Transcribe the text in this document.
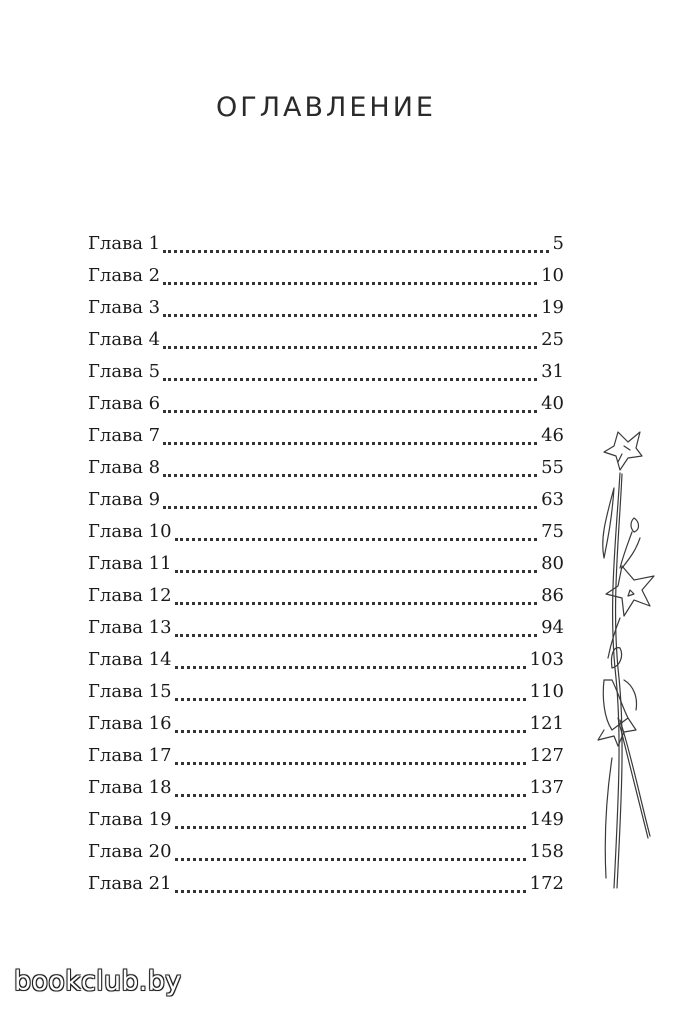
ОГЛАВЛЕНИЕ
Глава 1	5
Глава 2	10
Глава 3	19
Глава 4	25
Глава 5	31
Глава 6	40
Глава 7	46
Глава 8	55
Глава 9	63
Глава 10	75
Глава 11	80
Глава 12	86
Глава 13	94
Глава 14	103
Глава 15	110
Глава 16	121
Глава 17	127
Глава 18	137
Глава 19	149
Глава 20	158
Глава 21	172
bookclub.by
